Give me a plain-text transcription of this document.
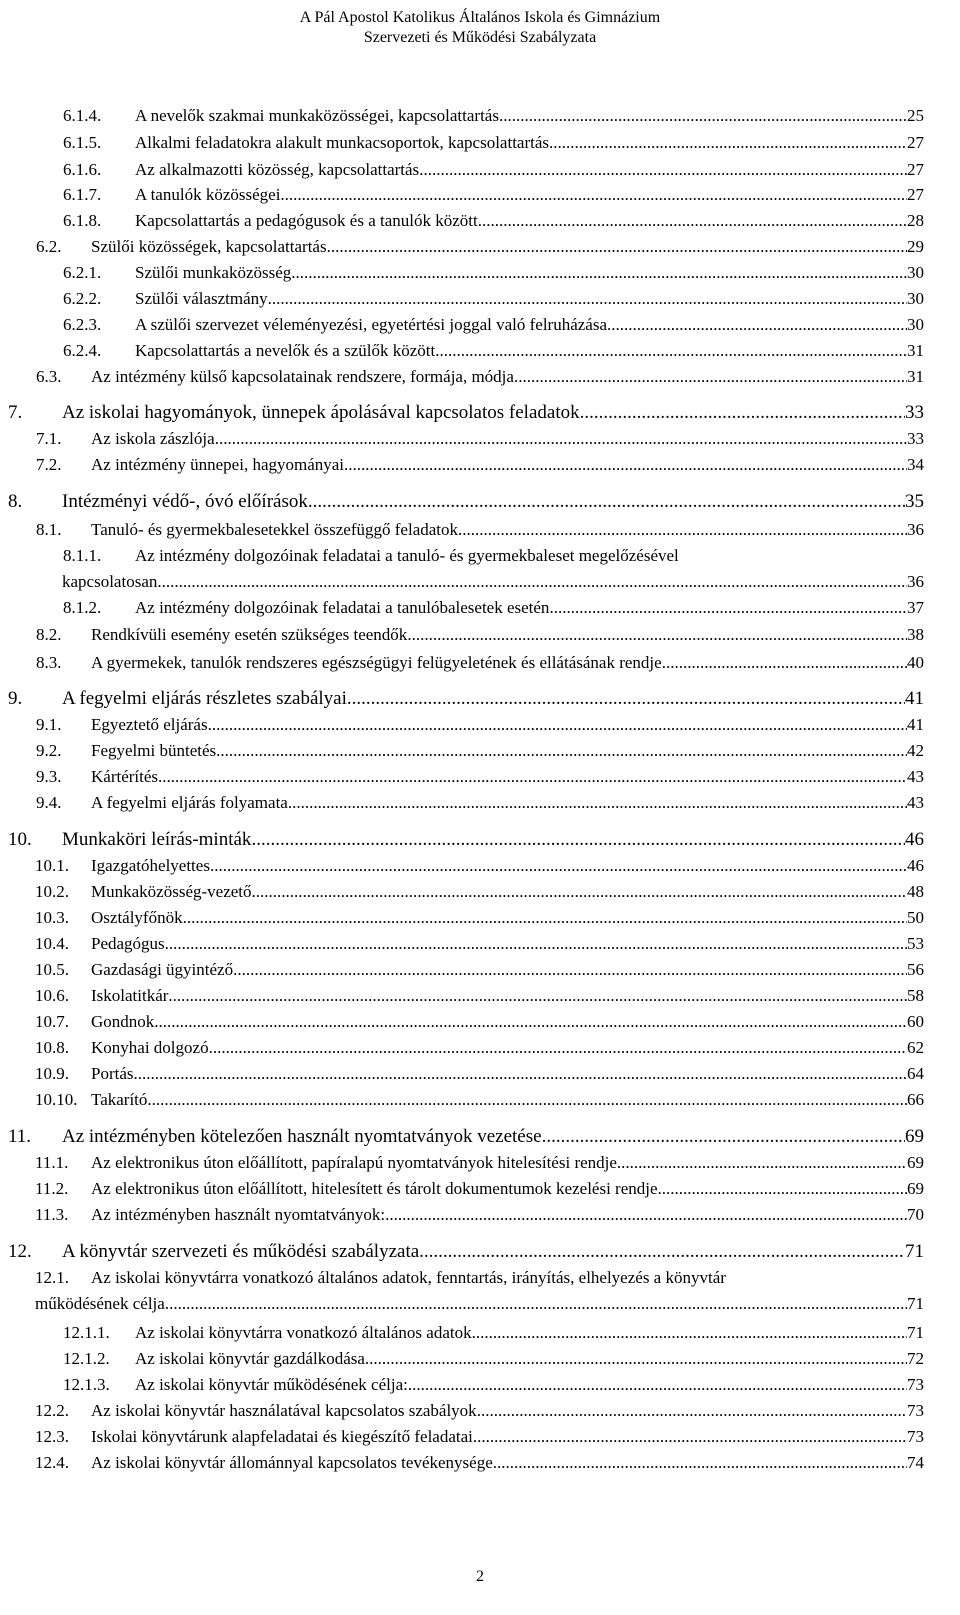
A Pál Apostol Katolikus Általános Iskola és Gimnázium
Szervezeti és Működési Szabályzata
6.1.4.	A nevelők szakmai munkaközösségei, kapcsolattartás .....	25
6.1.5.	Alkalmi feladatokra alakult munkacsoportok, kapcsolattartás .....	27
6.1.6.	Az alkalmazotti közösség, kapcsolattartás .....	27
6.1.7.	A tanulók közösségei .....	27
6.1.8.	Kapcsolattartás a pedagógusok és a tanulók között .....	28
6.2.	Szülői közösségek, kapcsolattartás .....	29
6.2.1.	Szülői munkaközösség .....	30
6.2.2.	Szülői választmány .....	30
6.2.3.	A szülői szervezet véleményezési, egyetértési joggal való felruházása .....	30
6.2.4.	Kapcsolattartás a nevelők és a szülők között .....	31
6.3.	Az intézmény külső kapcsolatainak rendszere, formája, módja .....	31
7.	Az iskolai hagyományok, ünnepek ápolásával kapcsolatos feladatok .....	33
7.1.	Az iskola zászlója .....	33
7.2.	Az intézmény ünnepei, hagyományai .....	34
8.	Intézményi védő-, óvó előírások .....	35
8.1.	Tanuló- és gyermekbalesetekkel összefüggő feladatok .....	36
8.1.1.	Az intézmény dolgozóinak feladatai a tanuló- és gyermekbaleset megelőzésével
kapcsolatosan .....	36
8.1.2.	Az intézmény dolgozóinak feladatai a tanulóbalesetek esetén .....	37
8.2.	Rendkívüli esemény esetén szükséges teendők .....	38
8.3.	A gyermekek, tanulók rendszeres egészségügyi felügyeletének és ellátásának rendje .....	40
9.	A fegyelmi eljárás részletes szabályai .....	41
9.1.	Egyeztető eljárás .....	41
9.2.	Fegyelmi büntetés .....	42
9.3.	Kártérítés .....	43
9.4.	A fegyelmi eljárás folyamata .....	43
10.	Munkaköri leírás-minták .....	46
10.1.	Igazgatóhelyettes .....	46
10.2.	Munkaközösség-vezető .....	48
10.3.	Osztályfőnök .....	50
10.4.	Pedagógus .....	53
10.5.	Gazdasági ügyintéző .....	56
10.6.	Iskolatitkár .....	58
10.7.	Gondnok .....	60
10.8.	Konyhai dolgozó .....	62
10.9.	Portás .....	64
10.10. Takarító .....	66
11.	Az intézményben kötelezően használt nyomtatványok vezetése .....	69
11.1.	Az elektronikus úton előállított, papíralapú nyomtatványok hitelesítési rendje .....	69
11.2.	Az elektronikus úton előállított, hitelesített és tárolt dokumentumok kezelési rendje .....	69
11.3.	Az intézményben használt nyomtatványok: .....	70
12.	A könyvtár szervezeti és működési szabályzata .....	71
12.1.	Az iskolai könyvtárra vonatkozó általános adatok, fenntartás, irányítás, elhelyezés a könyvtár
működésének célja .....	71
12.1.1.	Az iskolai könyvtárra vonatkozó általános adatok .....	71
12.1.2.	Az iskolai könyvtár gazdálkodása .....	72
12.1.3.	Az iskolai könyvtár működésének célja: .....	73
12.2.	Az iskolai könyvtár használatával kapcsolatos szabályok .....	73
12.3.	Iskolai könyvtárunk alapfeladatai és kiegészítő feladatai .....	73
12.4.	Az iskolai könyvtár állománnyal kapcsolatos tevékenysége .....	74
2
